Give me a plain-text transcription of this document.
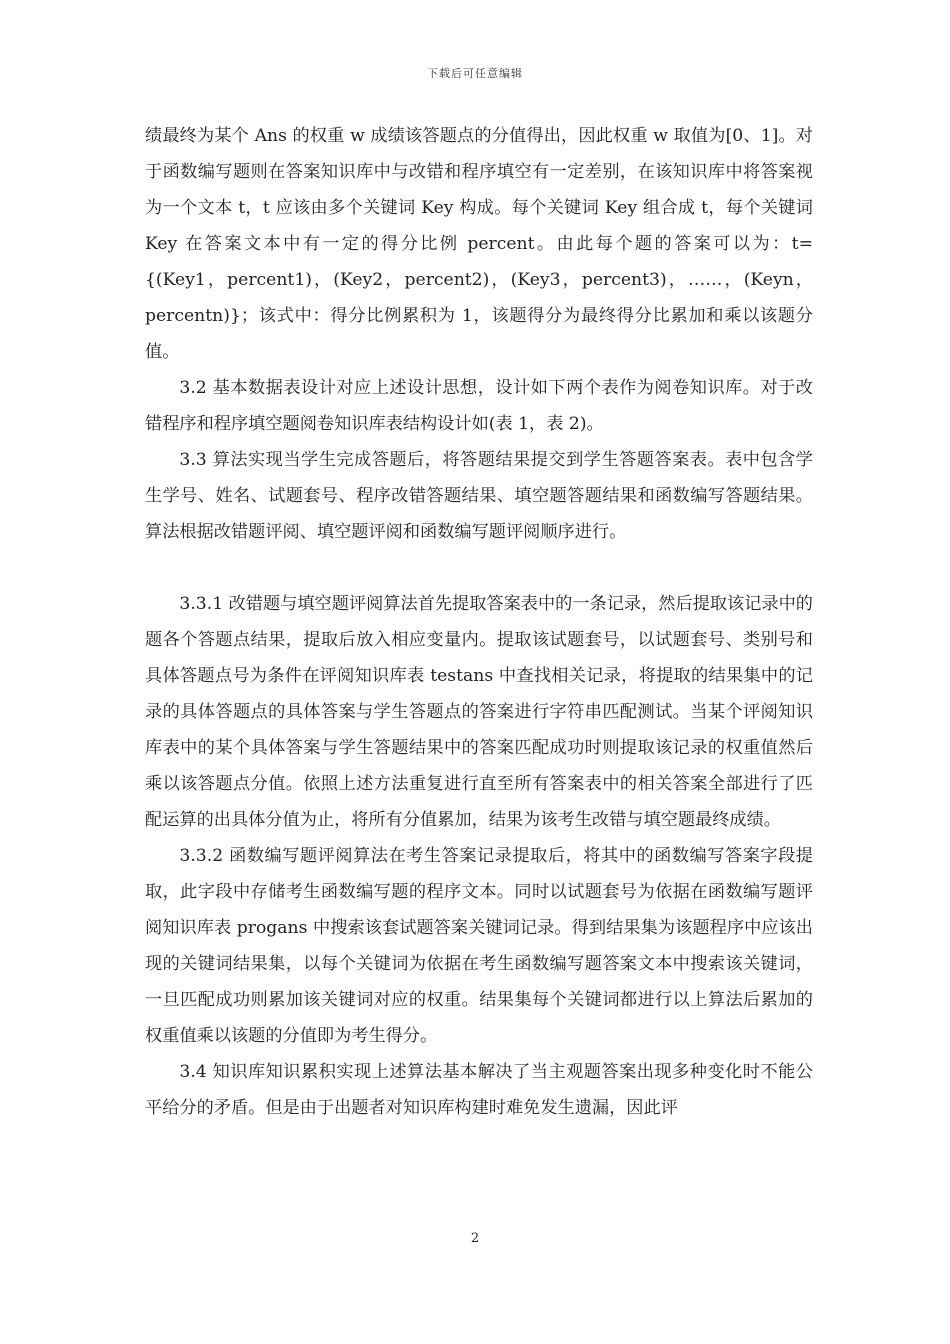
下载后可任意编辑

绩最终为某个 Ans 的权重 w 成绩该答题点的分值得出，因此权重 w 取值为[0、1]。对于函数编写题则在答案知识库中与改错和程序填空有一定差别，在该知识库中将答案视为一个文本 t，t 应该由多个关键词 Key 构成。每个关键词 Key 组合成 t，每个关键词 Key 在答案文本中有一定的得分比例 percent。由此每个题的答案可以为：t={(Key1，percent1)，(Key2，percent2)，(Key3，percent3)，……，(Keyn，percentn)}；该式中：得分比例累积为 1，该题得分为最终得分比累加和乘以该题分值。

3.2 基本数据表设计对应上述设计思想，设计如下两个表作为阅卷知识库。对于改错程序和程序填空题阅卷知识库表结构设计如(表 1，表 2)。

3.3 算法实现当学生完成答题后，将答题结果提交到学生答题答案表。表中包含学生学号、姓名、试题套号、程序改错答题结果、填空题答题结果和函数编写答题结果。算法根据改错题评阅、填空题评阅和函数编写题评阅顺序进行。

3.3.1 改错题与填空题评阅算法首先提取答案表中的一条记录，然后提取该记录中的题各个答题点结果，提取后放入相应变量内。提取该试题套号，以试题套号、类别号和具体答题点号为条件在评阅知识库表 testans 中查找相关记录，将提取的结果集中的记录的具体答题点的具体答案与学生答题点的答案进行字符串匹配测试。当某个评阅知识库表中的某个具体答案与学生答题结果中的答案匹配成功时则提取该记录的权重值然后乘以该答题点分值。依照上述方法重复进行直至所有答案表中的相关答案全部进行了匹配运算的出具体分值为止，将所有分值累加，结果为该考生改错与填空题最终成绩。

3.3.2 函数编写题评阅算法在考生答案记录提取后，将其中的函数编写答案字段提取，此字段中存储考生函数编写题的程序文本。同时以试题套号为依据在函数编写题评阅知识库表 progans 中搜索该套试题答案关键词记录。得到结果集为该题程序中应该出现的关键词结果集，以每个关键词为依据在考生函数编写题答案文本中搜索该关键词，一旦匹配成功则累加该关键词对应的权重。结果集每个关键词都进行以上算法后累加的权重值乘以该题的分值即为考生得分。

3.4 知识库知识累积实现上述算法基本解决了当主观题答案出现多种变化时不能公平给分的矛盾。但是由于出题者对知识库构建时难免发生遗漏，因此评

2
